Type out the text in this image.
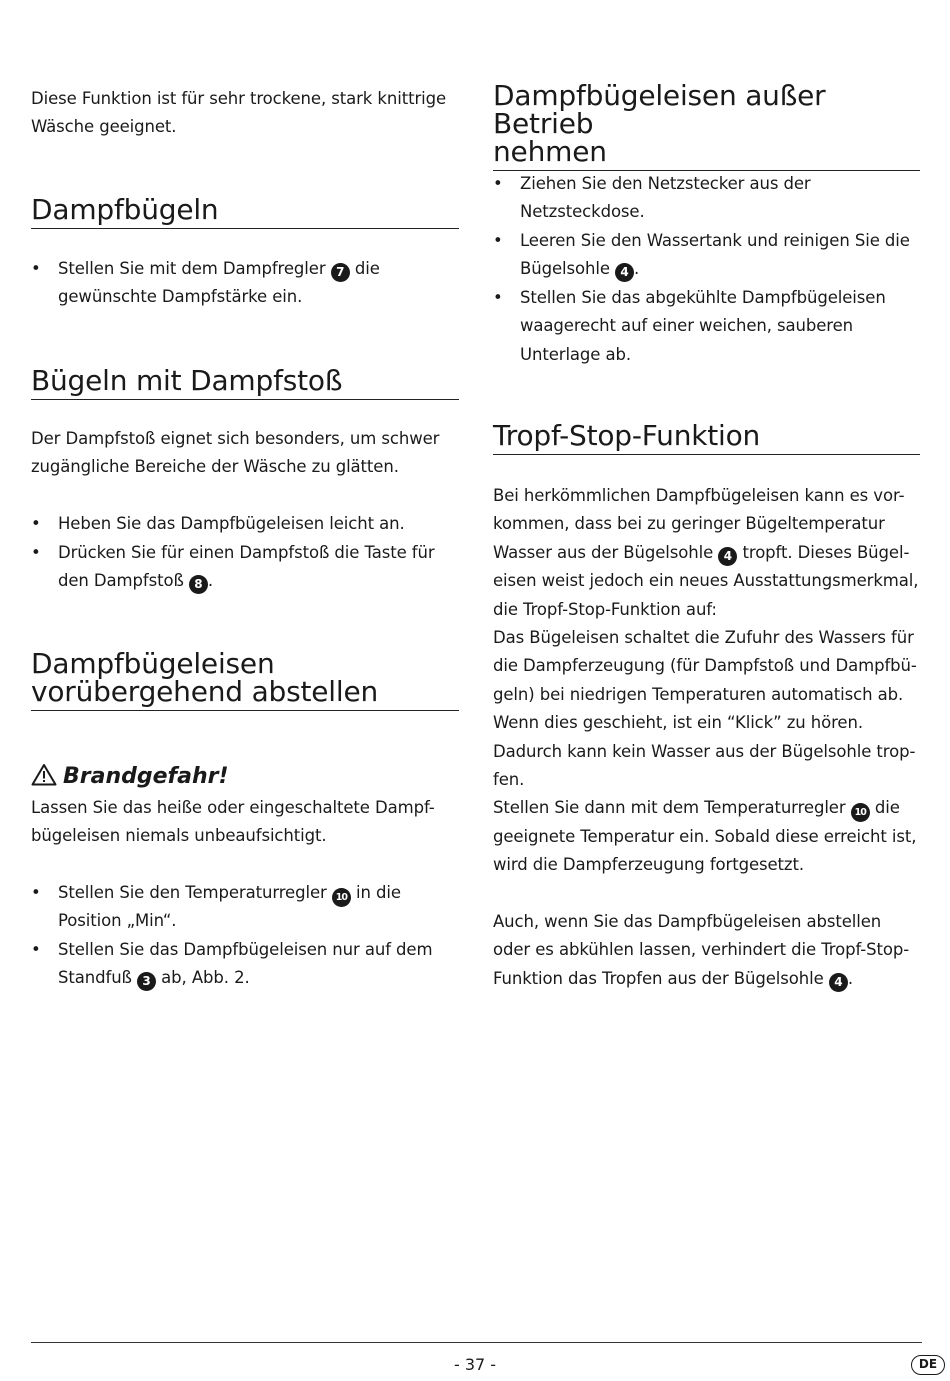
Diese Funktion ist für sehr trockene, stark knittrige

Wäsche geeignet.

Dampfbügeln
• Stellen Sie mit dem Dampfregler 7 die
gewünschte Dampfstärke ein.
Bügeln mit Dampfstoß

Der Dampfstoß eignet sich besonders, um schwer

zugängliche Bereiche der Wäsche zu glätten.

• Heben Sie das Dampfbügeleisen leicht an.
• Drücken Sie für einen Dampfstoß die Taste für
den Dampfstoß 8 .
Dampfbügeleisen
vorübergehend abstellen
Brandgefahr!

Lassen Sie das heiße oder eingeschaltete Dampf-

bügeleisen niemals unbeaufsichtigt.

• Stellen Sie den Temperaturregler 10 in die
Position „Min“.
• Stellen Sie das Dampfbügeleisen nur auf dem
Standfuß 3 ab, Abb. 2.
Dampfbügeleisen außer Betrieb
nehmen
• Ziehen Sie den Netzstecker aus der
Netzsteckdose.
• Leeren Sie den Wassertank und reinigen Sie die
Bügelsohle 4 .
• Stellen Sie das abgekühlte Dampfbügeleisen
waagerecht auf einer weichen, sauberen
Unterlage ab.
Tropf-Stop-Funktion

Bei herkömmlichen Dampfbügeleisen kann es vor-

kommen, dass bei zu geringer Bügeltemperatur

Wasser aus der Bügelsohle 4 tropft. Dieses Bügel-

eisen weist jedoch ein neues Ausstattungsmerkmal,

die Tropf-Stop-Funktion auf:

Das Bügeleisen schaltet die Zufuhr des Wassers für

die Dampferzeugung (für Dampfstoß und Dampfbü-

geln) bei niedrigen Temperaturen automatisch ab.

Wenn dies geschieht, ist ein “Klick” zu hören.

Dadurch kann kein Wasser aus der Bügelsohle trop-

fen.

Stellen Sie dann mit dem Temperaturregler 10 die

geeignete Temperatur ein. Sobald diese erreicht ist,

wird die Dampferzeugung fortgesetzt.

Auch, wenn Sie das Dampfbügeleisen abstellen

oder es abkühlen lassen, verhindert die Tropf-Stop-

Funktion das Tropfen aus der Bügelsohle 4 .

- 37 -	DE
